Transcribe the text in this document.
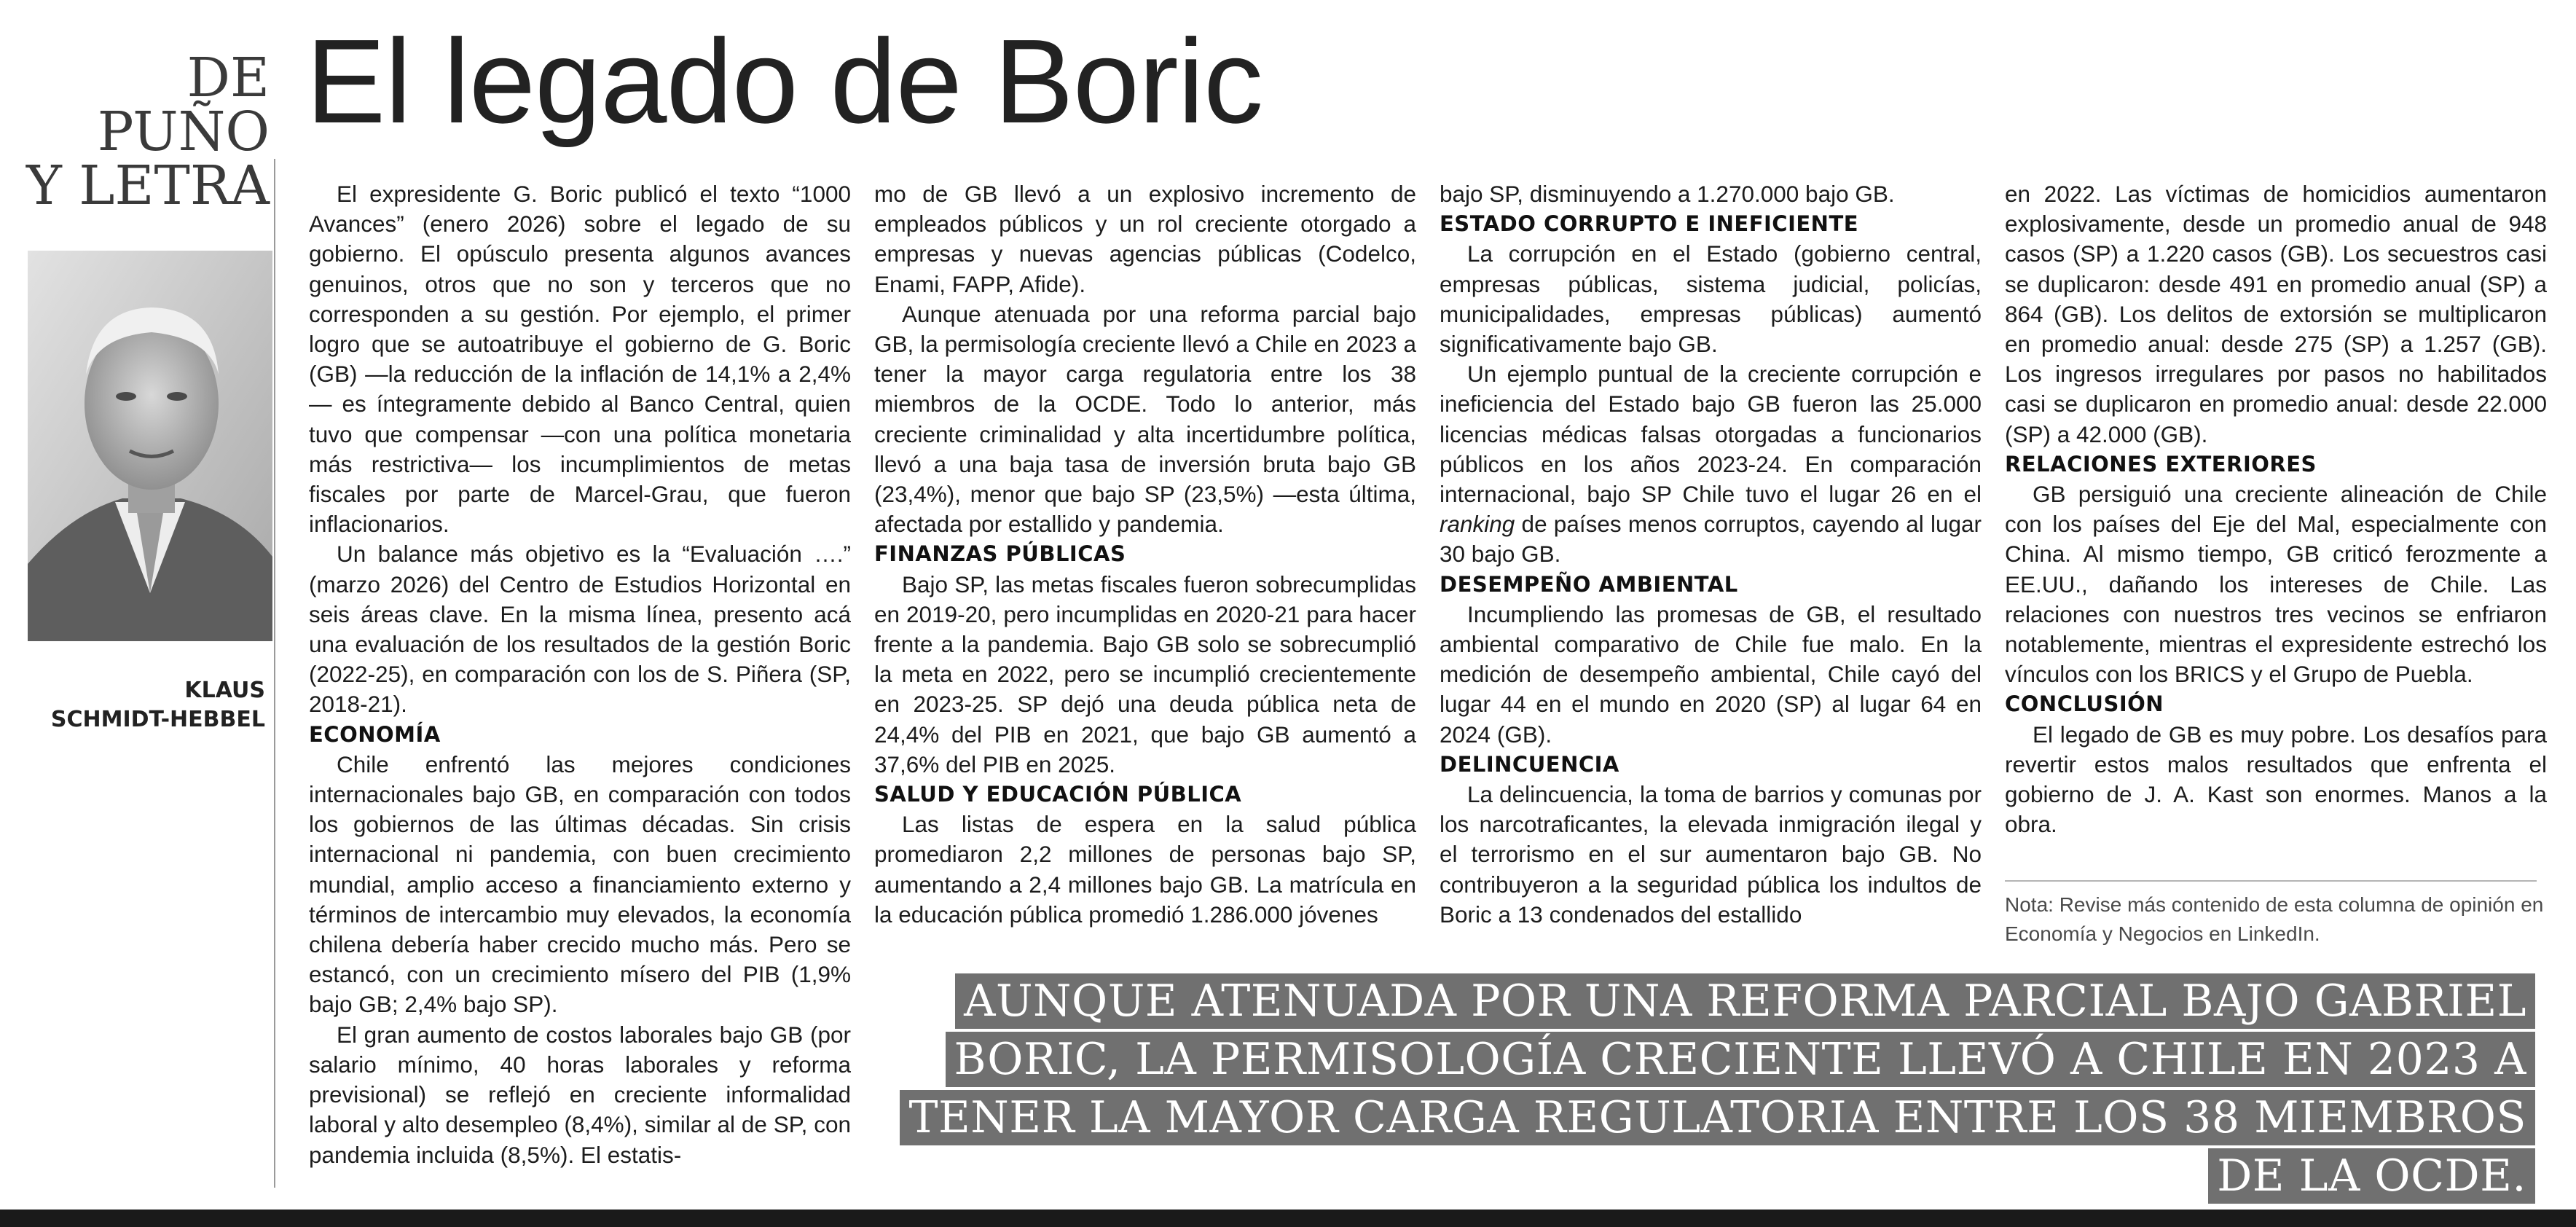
DE
PUÑO
Y LETRA
El legado de Boric
KLAUS
SCHMIDT-HEBBEL

El expresidente G. Boric publicó el texto “1000 Avances” (enero 2026) sobre el legado de su gobierno. El opúsculo presenta algunos avances genuinos, otros que no son y terceros que no corresponden a su gestión. Por ejemplo, el primer logro que se autoatribuye el gobierno de G. Boric (GB) —la reducción de la inflación de 14,1% a 2,4%— es íntegramente debido al Banco Central, quien tuvo que compensar —con una política monetaria más restrictiva— los incumplimientos de metas fiscales por parte de Marcel-Grau, que fueron inflacionarios.

Un balance más objetivo es la “Evaluación ….” (marzo 2026) del Centro de Estudios Horizontal en seis áreas clave. En la misma línea, presento acá una evaluación de los resultados de la gestión Boric (2022-25), en comparación con los de S. Piñera (SP, 2018-21).

ECONOMÍA

Chile enfrentó las mejores condiciones internacionales bajo GB, en comparación con todos los gobiernos de las últimas décadas. Sin crisis internacional ni pandemia, con buen crecimiento mundial, amplio acceso a financiamiento externo y términos de intercambio muy elevados, la economía chilena debería haber crecido mucho más. Pero se estancó, con un crecimiento mísero del PIB (1,9% bajo GB; 2,4% bajo SP).

El gran aumento de costos laborales bajo GB (por salario mínimo, 40 horas laborales y reforma previsional) se reflejó en creciente informalidad laboral y alto desempleo (8,4%), similar al de SP, con pandemia incluida (8,5%). El estatis-

mo de GB llevó a un explosivo incremento de empleados públicos y un rol creciente otorgado a empresas y nuevas agencias públicas (Codelco, Enami, FAPP, Afide).

Aunque atenuada por una reforma parcial bajo GB, la permisología creciente llevó a Chile en 2023 a tener la mayor carga regulatoria entre los 38 miembros de la OCDE. Todo lo anterior, más creciente criminalidad y alta incertidumbre política, llevó a una baja tasa de inversión bruta bajo GB (23,4%), menor que bajo SP (23,5%) —esta última, afectada por estallido y pandemia.

FINANZAS PÚBLICAS

Bajo SP, las metas fiscales fueron sobrecumplidas en 2019-20, pero incumplidas en 2020-21 para hacer frente a la pandemia. Bajo GB solo se sobrecumplió la meta en 2022, pero se incumplió crecientemente en 2023-25. SP dejó una deuda pública neta de 24,4% del PIB en 2021, que bajo GB aumentó a 37,6% del PIB en 2025.

SALUD Y EDUCACIÓN PÚBLICA

Las listas de espera en la salud pública promediaron 2,2 millones de personas bajo SP, aumentando a 2,4 millones bajo GB. La matrícula en la educación pública promedió 1.286.000 jóvenes

bajo SP, disminuyendo a 1.270.000 bajo GB.

ESTADO CORRUPTO E INEFICIENTE

La corrupción en el Estado (gobierno central, empresas públicas, sistema judicial, policías, municipalidades, empresas públicas) aumentó significativamente bajo GB.

Un ejemplo puntual de la creciente corrupción e ineficiencia del Estado bajo GB fueron las 25.000 licencias médicas falsas otorgadas a funcionarios públicos en los años 2023-24. En comparación internacional, bajo SP Chile tuvo el lugar 26 en el ranking de países menos corruptos, cayendo al lugar 30 bajo GB.

DESEMPEÑO AMBIENTAL

Incumpliendo las promesas de GB, el resultado ambiental comparativo de Chile fue malo. En la medición de desempeño ambiental, Chile cayó del lugar 44 en el mundo en 2020 (SP) al lugar 64 en 2024 (GB).

DELINCUENCIA

La delincuencia, la toma de barrios y comunas por los narcotraficantes, la elevada inmigración ilegal y el terrorismo en el sur aumentaron bajo GB. No contribuyeron a la seguridad pública los indultos de Boric a 13 condenados del estallido

en 2022. Las víctimas de homicidios aumentaron explosivamente, desde un promedio anual de 948 casos (SP) a 1.220 casos (GB). Los secuestros casi se duplicaron: desde 491 en promedio anual (SP) a 864 (GB). Los delitos de extorsión se multiplicaron en promedio anual: desde 275 (SP) a 1.257 (GB). Los ingresos irregulares por pasos no habilitados casi se duplicaron en promedio anual: desde 22.000 (SP) a 42.000 (GB).

RELACIONES EXTERIORES

GB persiguió una creciente alineación de Chile con los países del Eje del Mal, especialmente con China. Al mismo tiempo, GB criticó ferozmente a EE.UU., dañando los intereses de Chile. Las relaciones con nuestros tres vecinos se enfriaron notablemente, mientras el expresidente estrechó los vínculos con los BRICS y el Grupo de Puebla.

CONCLUSIÓN

El legado de GB es muy pobre. Los desafíos para revertir estos malos resultados que enfrenta el gobierno de J. A. Kast son enormes. Manos a la obra.

Nota: Revise más contenido de esta columna de opinión en Economía y Negocios en LinkedIn.
AUNQUE ATENUADA POR UNA REFORMA PARCIAL BAJO GABRIEL
BORIC, LA PERMISOLOGÍA CRECIENTE LLEVÓ A CHILE EN 2023 A
TENER LA MAYOR CARGA REGULATORIA ENTRE LOS 38 MIEMBROS
DE LA OCDE.
